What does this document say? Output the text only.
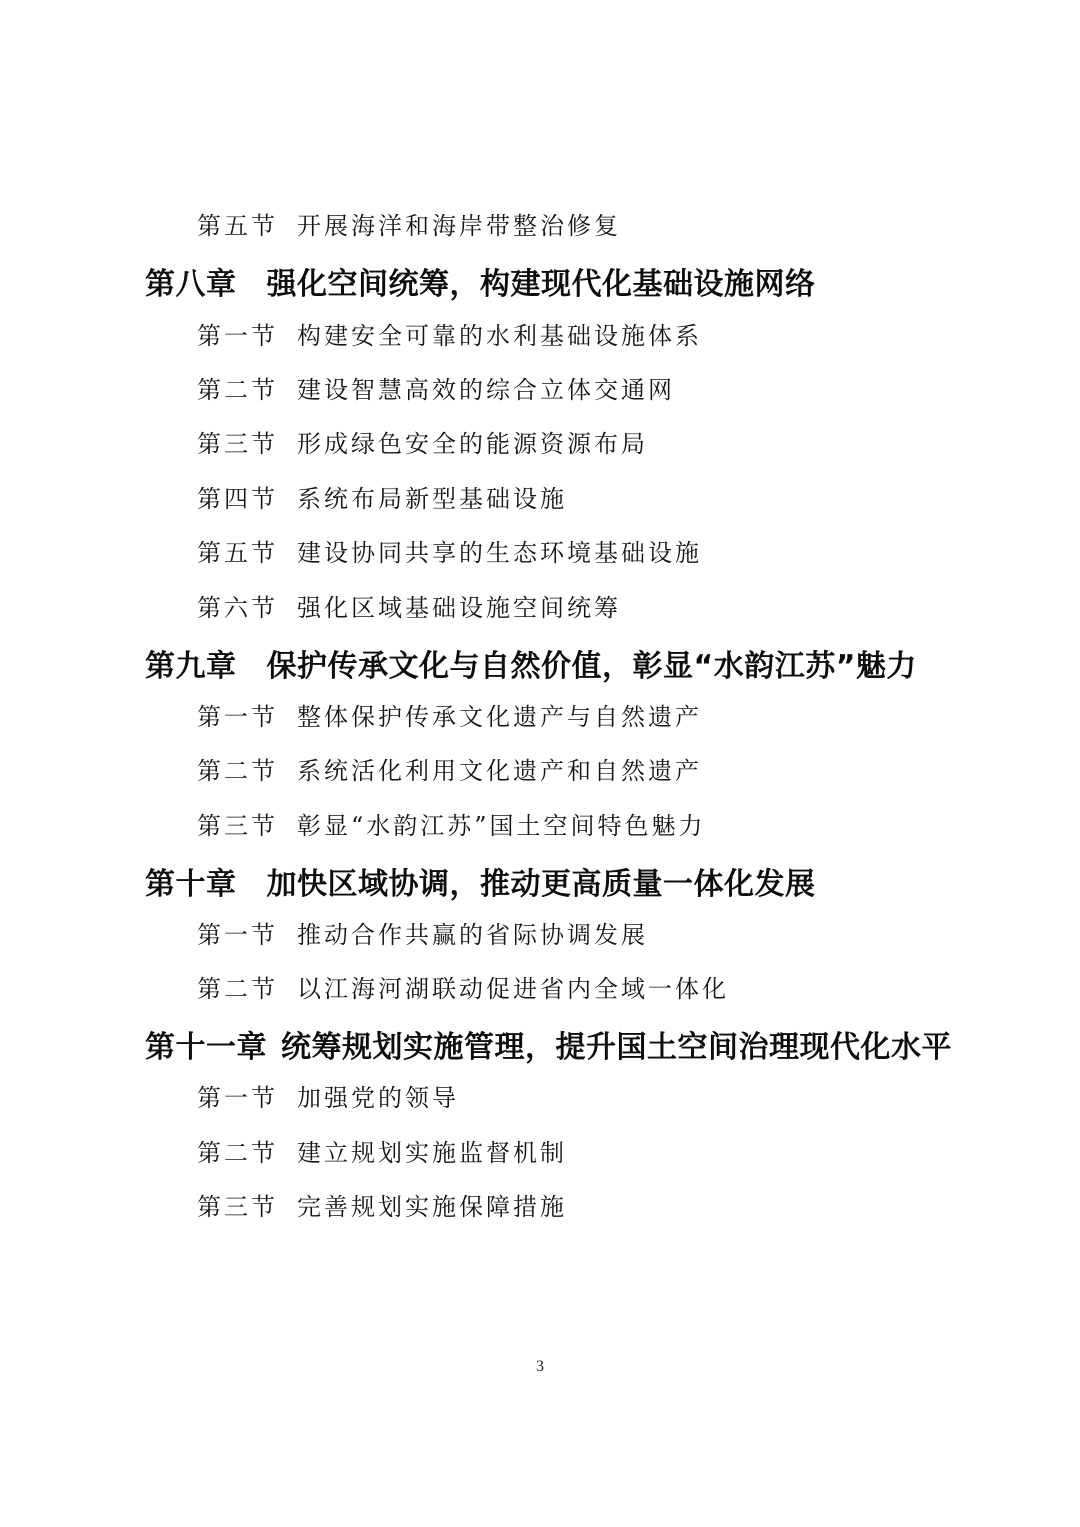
第五节 开展海洋和海岸带整治修复
第八章 强化空间统筹，构建现代化基础设施网络
第一节 构建安全可靠的水利基础设施体系
第二节 建设智慧高效的综合立体交通网
第三节 形成绿色安全的能源资源布局
第四节 系统布局新型基础设施
第五节 建设协同共享的生态环境基础设施
第六节 强化区域基础设施空间统筹
第九章 保护传承文化与自然价值，彰显“水韵江苏”魅力
第一节 整体保护传承文化遗产与自然遗产
第二节 系统活化利用文化遗产和自然遗产
第三节 彰显“水韵江苏”国土空间特色魅力
第十章 加快区域协调，推动更高质量一体化发展
第一节 推动合作共赢的省际协调发展
第二节 以江海河湖联动促进省内全域一体化
第十一章 统筹规划实施管理，提升国土空间治理现代化水平
第一节 加强党的领导
第二节 建立规划实施监督机制
第三节 完善规划实施保障措施
3
